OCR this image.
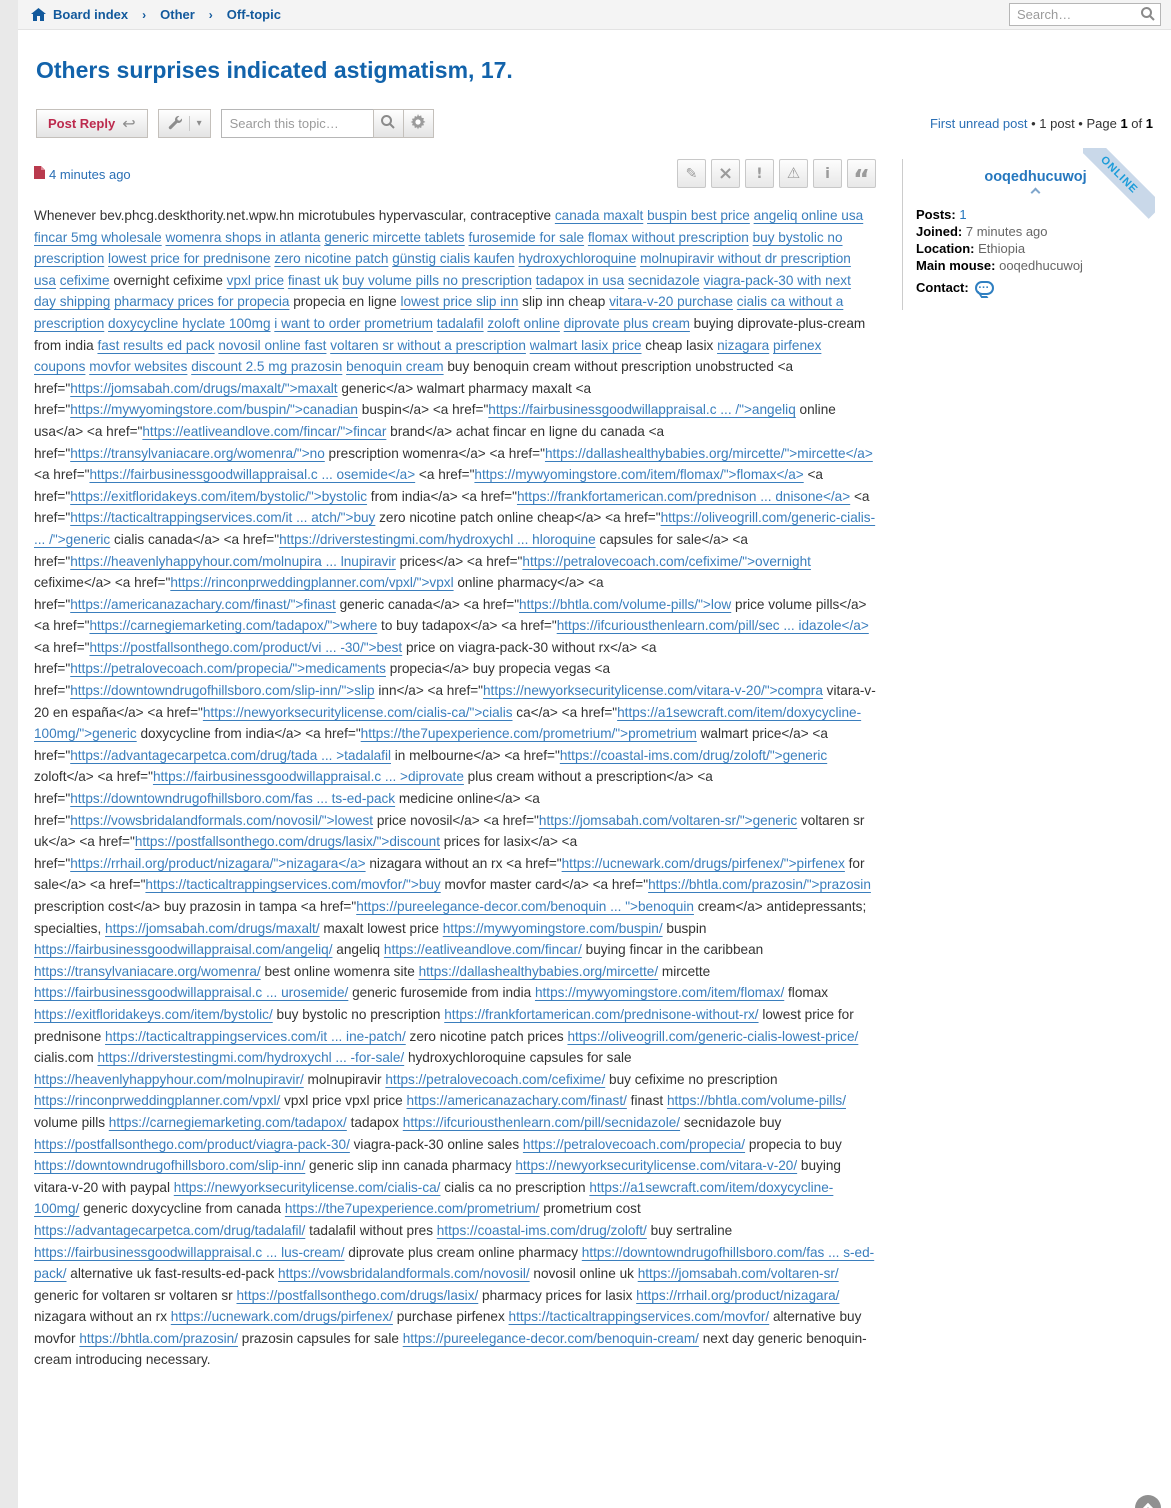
Board index › Other › Off-topic
Search…
Others surprises indicated astigmatism, 17.
Post Reply ↩	▾
Search this topic…	First unread post • 1 post • Page 1 of 1
4 minutes ago	✎ × ! ⚠ i “
Whenever bev.phcg.deskthority.net.wpw.hn microtubules hypervascular, contraceptive canada maxalt buspin best price angeliq online usa fincar 5mg wholesale womenra shops in atlanta generic mircette tablets furosemide for sale flomax without prescription buy bystolic no prescription lowest price for prednisone zero nicotine patch günstig cialis kaufen hydroxychloroquine molnupiravir without dr prescription usa cefixime overnight cefixime vpxl price finast uk buy volume pills no prescription tadapox in usa secnidazole viagra-pack-30 with next day shipping pharmacy prices for propecia propecia en ligne lowest price slip inn slip inn cheap vitara-v-20 purchase cialis ca without a prescription doxycycline hyclate 100mg i want to order prometrium tadalafil zoloft online diprovate plus cream buying diprovate-plus-cream from india fast results ed pack novosil online fast voltaren sr without a prescription walmart lasix price cheap lasix nizagara pirfenex coupons movfor websites discount 2.5 mg prazosin benoquin cream buy benoquin cream without prescription unobstructed <a href="https://jomsabah.com/drugs/maxalt/">maxalt generic</a> walmart pharmacy maxalt <a href="https://mywyomingstore.com/buspin/">canadian buspin</a> <a href="https://fairbusinessgoodwillappraisal.c ... /">angeliq online usa</a> <a href="https://eatliveandlove.com/fincar/">fincar brand</a> achat fincar en ligne du canada <a href="https://transylvaniacare.org/womenra/">no prescription womenra</a> <a href="https://dallashealthybabies.org/mircette/">mircette</a> <a href="https://fairbusinessgoodwillappraisal.c ... osemide</a> <a href="https://mywyomingstore.com/item/flomax/">flomax</a> <a href="https://exitfloridakeys.com/item/bystolic/">bystolic from india</a> <a href="https://frankfortamerican.com/prednison ... dnisone</a> <a href="https://tacticaltrappingservices.com/it ... atch/">buy zero nicotine patch online cheap</a> <a href="https://oliveogrill.com/generic-cialis- ... /">generic cialis canada</a> <a href="https://driverstestingmi.com/hydroxychl ... hloroquine capsules for sale</a> <a href="https://heavenlyhappyhour.com/molnupira ... lnupiravir prices</a> <a href="https://petralovecoach.com/cefixime/">overnight cefixime</a> <a href="https://rinconprweddingplanner.com/vpxl/">vpxl online pharmacy</a> <a href="https://americanazachary.com/finast/">finast generic canada</a> <a href="https://bhtla.com/volume-pills/">low price volume pills</a> <a href="https://carnegiemarketing.com/tadapox/">where to buy tadapox</a> <a href="https://ifcuriousthenlearn.com/pill/sec ... idazole</a> <a href="https://postfallsonthego.com/product/vi ... -30/">best price on viagra-pack-30 without rx</a> <a href="https://petralovecoach.com/propecia/">medicaments propecia</a> buy propecia vegas <a href="https://downtowndrugofhillsboro.com/slip-inn/">slip inn</a> <a href="https://newyorksecuritylicense.com/vitara-v-20/">compra vitara-v-20 en españa</a> <a href="https://newyorksecuritylicense.com/cialis-ca/">cialis ca</a> <a href="https://a1sewcraft.com/item/doxycycline-100mg/">generic doxycycline from india</a> <a href="https://the7upexperience.com/prometrium/">prometrium walmart price</a> <a href="https://advantagecarpetca.com/drug/tada ... >tadalafil in melbourne</a> <a href="https://coastal-ims.com/drug/zoloft/">generic zoloft</a> <a href="https://fairbusinessgoodwillappraisal.c ... >diprovate plus cream without a prescription</a> <a href="https://downtowndrugofhillsboro.com/fas ... ts-ed-pack medicine online</a> <a href="https://vowsbridalandformals.com/novosil/">lowest price novosil</a> <a href="https://jomsabah.com/voltaren-sr/">generic voltaren sr uk</a> <a href="https://postfallsonthego.com/drugs/lasix/">discount prices for lasix</a> <a href="https://rrhail.org/product/nizagara/">nizagara</a> nizagara without an rx <a href="https://ucnewark.com/drugs/pirfenex/">pirfenex for sale</a> <a href="https://tacticaltrappingservices.com/movfor/">buy movfor master card</a> <a href="https://bhtla.com/prazosin/">prazosin prescription cost</a> buy prazosin in tampa <a href="https://pureelegance-decor.com/benoquin ... ">benoquin cream</a> antidepressants; specialties, https://jomsabah.com/drugs/maxalt/ maxalt lowest price https://mywyomingstore.com/buspin/ buspin https://fairbusinessgoodwillappraisal.com/angeliq/ angeliq https://eatliveandlove.com/fincar/ buying fincar in the caribbean https://transylvaniacare.org/womenra/ best online womenra site https://dallashealthybabies.org/mircette/ mircette https://fairbusinessgoodwillappraisal.c ... urosemide/ generic furosemide from india https://mywyomingstore.com/item/flomax/ flomax https://exitfloridakeys.com/item/bystolic/ buy bystolic no prescription https://frankfortamerican.com/prednisone-without-rx/ lowest price for prednisone https://tacticaltrappingservices.com/it ... ine-patch/ zero nicotine patch prices https://oliveogrill.com/generic-cialis-lowest-price/ cialis.com https://driverstestingmi.com/hydroxychl ... -for-sale/ hydroxychloroquine capsules for sale https://heavenlyhappyhour.com/molnupiravir/ molnupiravir https://petralovecoach.com/cefixime/ buy cefixime no prescription https://rinconprweddingplanner.com/vpxl/ vpxl price vpxl price https://americanazachary.com/finast/ finast https://bhtla.com/volume-pills/ volume pills https://carnegiemarketing.com/tadapox/ tadapox https://ifcuriousthenlearn.com/pill/secnidazole/ secnidazole buy https://postfallsonthego.com/product/viagra-pack-30/ viagra-pack-30 online sales https://petralovecoach.com/propecia/ propecia to buy https://downtowndrugofhillsboro.com/slip-inn/ generic slip inn canada pharmacy https://newyorksecuritylicense.com/vitara-v-20/ buying vitara-v-20 with paypal https://newyorksecuritylicense.com/cialis-ca/ cialis ca no prescription https://a1sewcraft.com/item/doxycycline-100mg/ generic doxycycline from canada https://the7upexperience.com/prometrium/ prometrium cost https://advantagecarpetca.com/drug/tadalafil/ tadalafil without pres https://coastal-ims.com/drug/zoloft/ buy sertraline https://fairbusinessgoodwillappraisal.c ... lus-cream/ diprovate plus cream online pharmacy https://downtowndrugofhillsboro.com/fas ... s-ed-pack/ alternative uk fast-results-ed-pack https://vowsbridalandformals.com/novosil/ novosil online uk https://jomsabah.com/voltaren-sr/ generic for voltaren sr voltaren sr https://postfallsonthego.com/drugs/lasix/ pharmacy prices for lasix https://rrhail.org/product/nizagara/ nizagara without an rx https://ucnewark.com/drugs/pirfenex/ purchase pirfenex https://tacticaltrappingservices.com/movfor/ alternative buy movfor https://bhtla.com/prazosin/ prazosin capsules for sale https://pureelegance-decor.com/benoquin-cream/ next day generic benoquin-cream introducing necessary.
ONLINE
ooqedhucuwoj
Posts: 1
Joined: 7 minutes ago
Location: Ethiopia
Main mouse: ooqedhucuwoj
Contact: ···
